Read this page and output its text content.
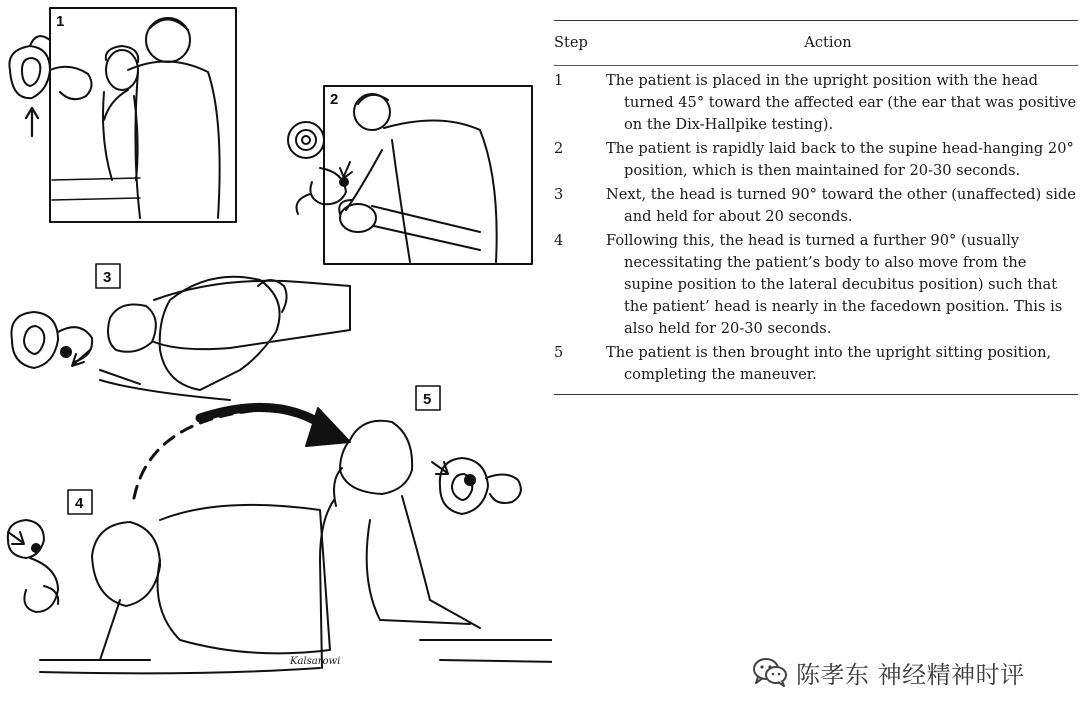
1
2
3
4
5
Kalsarowi
Step	Action
1	The patient is placed in the upright position with the head turned 45° toward the affected ear (the ear that was positive on the Dix-Hallpike testing).
2	The patient is rapidly laid back to the supine head-hanging 20° position, which is then maintained for 20-30 seconds.
3	Next, the head is turned 90° toward the other (unaffected) side and held for about 20 seconds.
4	Following this, the head is turned a further 90° (usually necessitating the patient’s body to also move from the supine position to the lateral decubitus position) such that the patient’ head is nearly in the facedown position. This is also held for 20-30 seconds.
5	The patient is then brought into the upright sitting position, completing the maneuver.
陈孝东 神经精神时评
